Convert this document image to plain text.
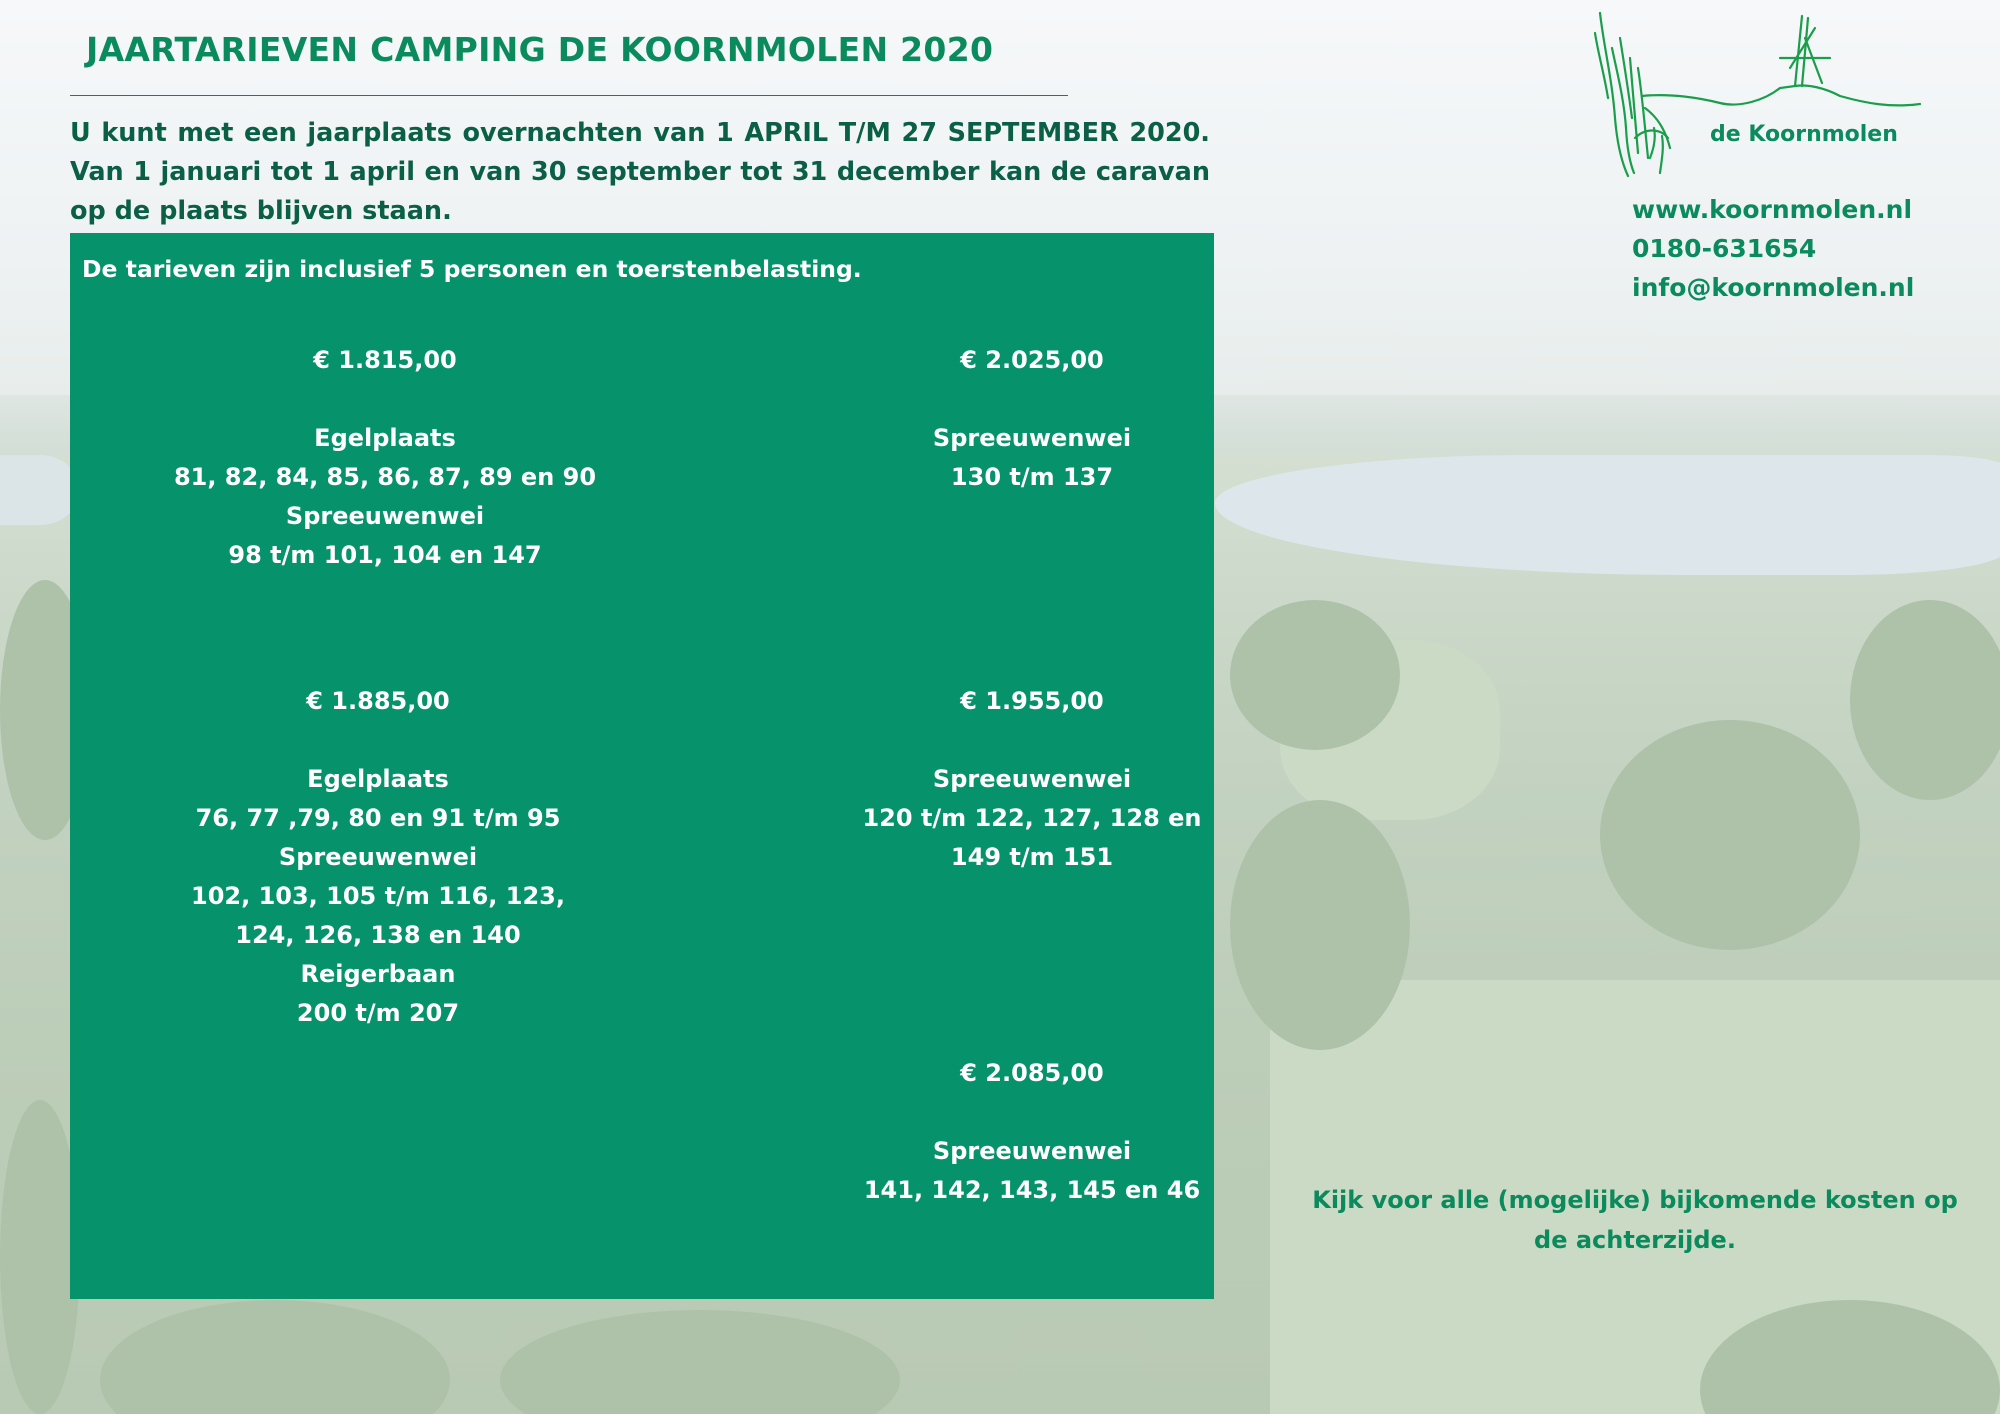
JAARTARIEVEN CAMPING DE KOORNMOLEN 2020

U kunt met een jaarplaats overnachten van 1 APRIL T/M 27 SEPTEMBER 2020. Van 1 januari tot 1 april en van 30 september tot 31 december kan de caravan op de plaats blijven staan.

De tarieven zijn inclusief 5 personen en toerstenbelasting.
€ 1.815,00
Egelplaats
81, 82, 84, 85, 86, 87, 89 en 90
Spreeuwenwei
98 t/m 101, 104 en 147
€ 2.025,00
Spreeuwenwei
130 t/m 137
€ 1.885,00
Egelplaats
76, 77 ,79, 80 en 91 t/m 95
Spreeuwenwei
102, 103, 105 t/m 116, 123,
124, 126, 138 en 140
Reigerbaan
200 t/m 207
€ 1.955,00
Spreeuwenwei
120 t/m 122, 127, 128 en
149 t/m 151
€ 2.085,00
Spreeuwenwei
141, 142, 143, 145 en 46
de Koornmolen
www.koornmolen.nl
0180-631654
info@koornmolen.nl
Kijk voor alle (mogelijke) bijkomende kosten op de achterzijde.
